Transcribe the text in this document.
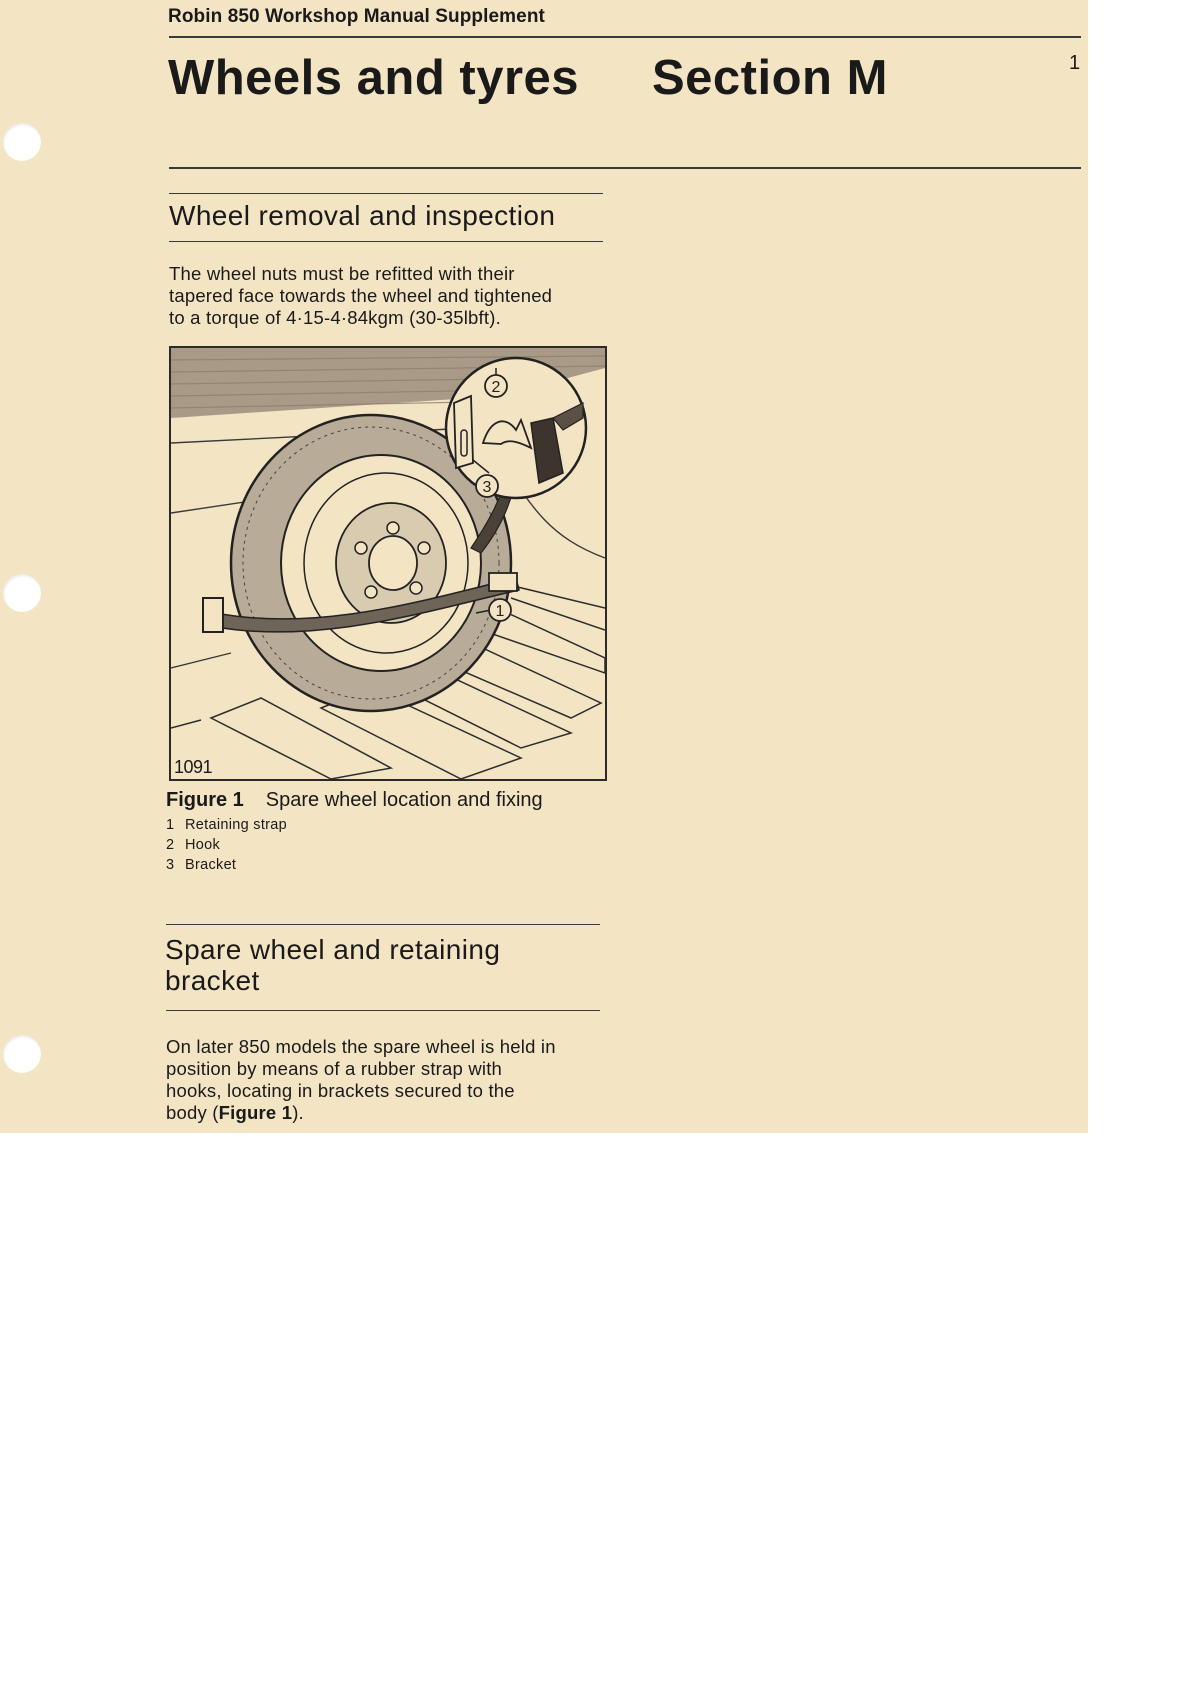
Robin 850 Workshop Manual Supplement
1
Wheels and tyres Section M
Wheel removal and inspection
The wheel nuts must be refitted with their
tapered face towards the wheel and tightened
to a torque of 4·15-4·84kgm (30-35lbft).
2
3
1
1091
Figure 1 Spare wheel location and fixing
1 Retaining strap
2 Hook
3 Bracket
Spare wheel and retaining
bracket
On later 850 models the spare wheel is held in
position by means of a rubber strap with
hooks, locating in brackets secured to the
body (Figure 1).
